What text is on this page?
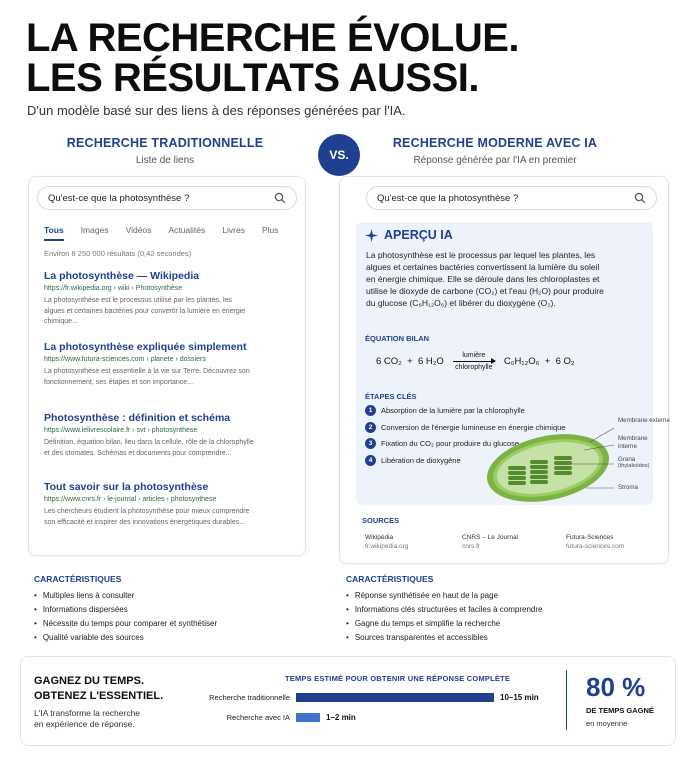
LA RECHERCHE ÉVOLUE.
LES RÉSULTATS AUSSI.
D'un modèle basé sur des liens à des réponses générées par l'IA.
RECHERCHE TRADITIONNELLE
Liste de liens	VS.
RECHERCHE MODERNE AVEC IA
Réponse générée par l'IA en premier
Qu'est-ce que la photosynthèse ?
Tous Images Vidéos Actualités Livres Plus
Environ 8 250 000 résultats (0,42 secondes)
La photosynthèse — Wikipedia
https://fr.wikipedia.org › wiki › Photosynthèse
La photosynthèse est le processus utilisé par les plantes, les algues et certaines bactéries pour convertir la lumière en énergie chimique...
La photosynthèse expliquée simplement
https://www.futura-sciences.com › planete › dossiers
La photosynthèse est essentielle à la vie sur Terre. Découvrez son fonctionnement, ses étapes et son importance...
Photosynthèse : définition et schéma
https://www.lelivrescolaire.fr › svt › photosynthese
Définition, équation bilan, lieu dans la cellule, rôle de la chlorophylle et des stomates. Schémas et documents pour comprendre...
Tout savoir sur la photosynthèse
https://www.cnrs.fr › le-journal › articles › photosynthese
Les chercheurs étudient la photosynthèse pour mieux comprendre son efficacité et inspirer des innovations énergétiques durables...
Qu'est-ce que la photosynthèse ?
APERÇU IA
La photosynthèse est le processus par lequel les plantes, les algues et certaines bactéries convertissent la lumière du soleil en énergie chimique. Elle se déroule dans les chloroplastes et utilise le dioxyde de carbone (CO₂) et l'eau (H₂O) pour produire du glucose (C₆H₁₂O₆) et libérer du dioxygène (O₂).
ÉQUATION BILAN
6 CO₂  +  6 H₂O
lumière
chlorophylle
C₆H₁₂O₆  +  6 O₂
ÉTAPES CLÉS
1	Absorption de la lumière par la chlorophylle
2	Conversion de l'énergie lumineuse en énergie chimique
3	Fixation du CO₂ pour produire du glucose
4	Libération de dioxygène
Membrane externe
Membrane interne
Grana
(thylakoïdes)
Stroma
SOURCES
Wikipédia
fr.wikipedia.org
CNRS – Le Journal
cnrs.fr
Futura-Sciences
futura-sciences.com
CARACTÉRISTIQUES
• Multiples liens à consulter
• Informations dispersées
• Nécessite du temps pour comparer et synthétiser
• Qualité variable des sources
CARACTÉRISTIQUES
• Réponse synthétisée en haut de la page
• Informations clés structurées et faciles à comprendre
• Gagne du temps et simplifie la recherche
• Sources transparentes et accessibles
GAGNEZ DU TEMPS.
OBTENEZ L'ESSENTIEL.
L'IA transforme la recherche
en expérience de réponse.
TEMPS ESTIMÉ POUR OBTENIR UNE RÉPONSE COMPLÈTE
Recherche traditionnelle
Recherche avec IA
10–15 min
1–2 min
80 %
DE TEMPS GAGNÉ
en moyenne
